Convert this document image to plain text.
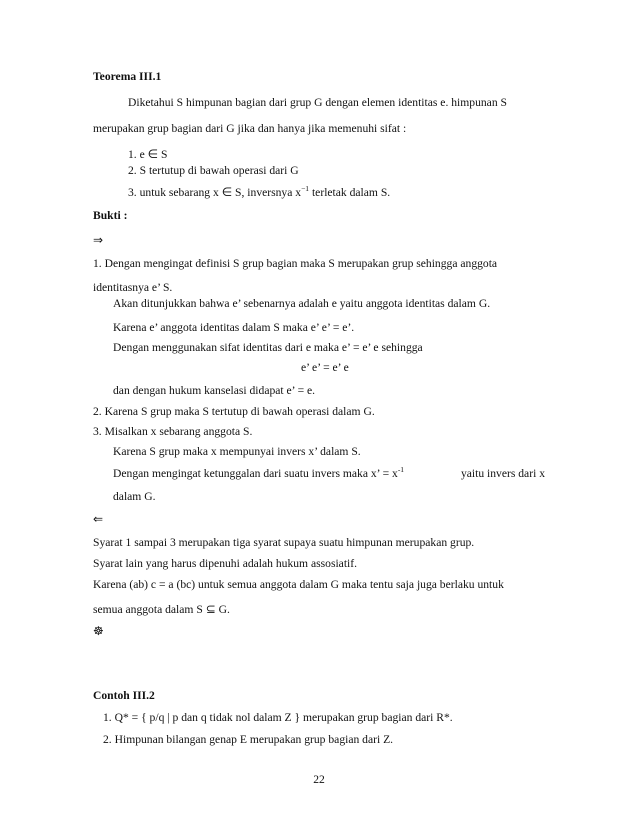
Teorema III.1
Diketahui S himpunan bagian dari grup G dengan elemen identitas e. himpunan S
merupakan grup bagian dari G jika dan hanya jika memenuhi sifat :
1. e ∈ S
2. S tertutup di bawah operasi dari G
3. untuk sebarang x ∈ S, inversnya $x^{-1}$ terletak dalam S.
Bukti :
⇒
1. Dengan mengingat definisi S grup bagian maka S merupakan grup sehingga anggota
identitasnya e’ S.
Akan ditunjukkan bahwa e’ sebenarnya adalah e yaitu anggota identitas dalam G.
Karena e’ anggota identitas dalam S maka e’ e’ = e’.
Dengan menggunakan sifat identitas dari e maka e’ = e’ e sehingga
e’ e’ = e’ e
dan dengan hukum kanselasi didapat e’ = e.
2. Karena S grup maka S tertutup di bawah operasi dalam G.
3. Misalkan x sebarang anggota S.
Karena S grup maka x mempunyai invers x’ dalam S.
Dengan mengingat ketunggalan dari suatu invers maka x’ = $x^{-1}$	yaitu invers dari x
dalam G.
⇐
Syarat 1 sampai 3 merupakan tiga syarat supaya suatu himpunan merupakan grup.
Syarat lain yang harus dipenuhi adalah hukum assosiatif.
Karena (ab) c = a (bc) untuk semua anggota dalam G maka tentu saja juga berlaku untuk
semua anggota dalam S ⊆ G.
☸
Contoh III.2
1. Q* = { p/q | p dan q tidak nol dalam Z } merupakan grup bagian dari R*.
2. Himpunan bilangan genap E merupakan grup bagian dari Z.
22
